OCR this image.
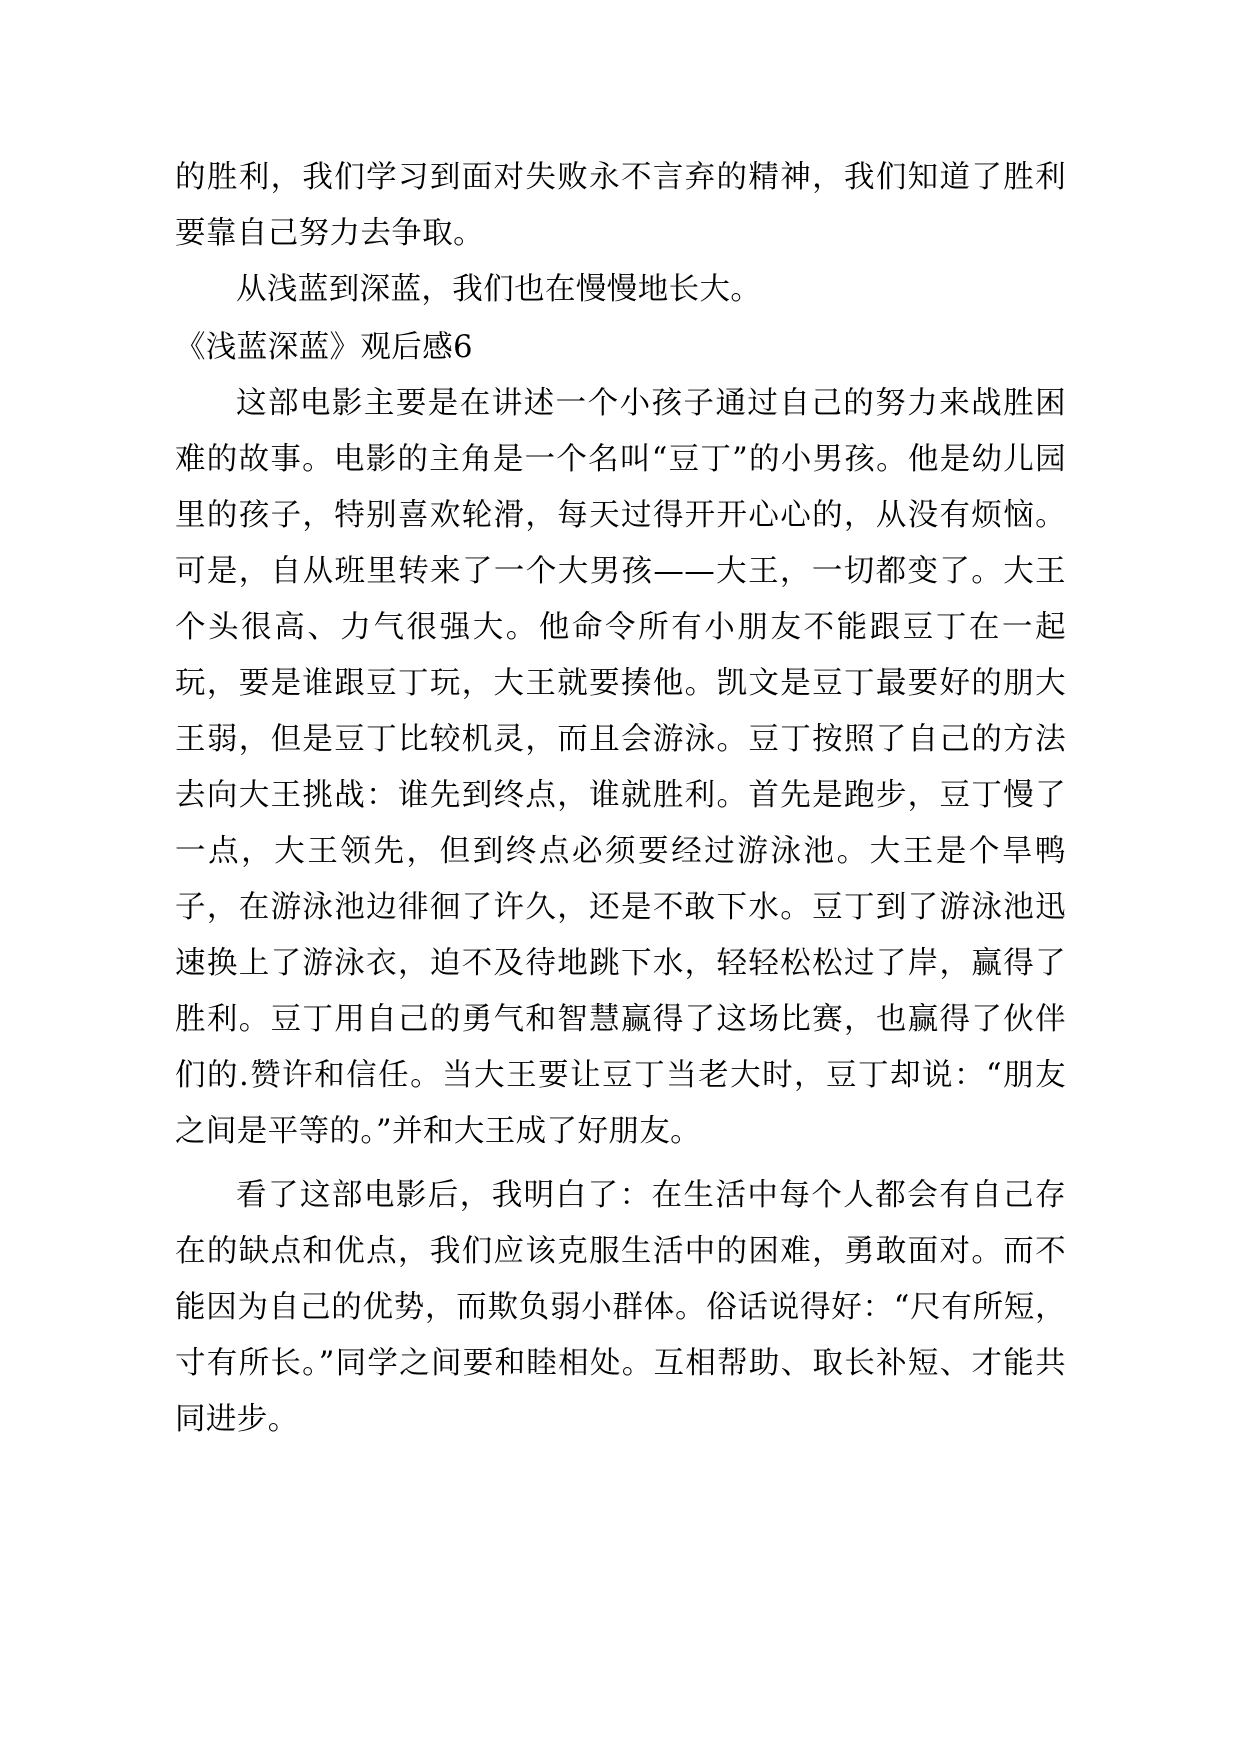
的胜利，我们学习到面对失败永不言弃的精神，我们知道了胜利要靠自己努力去争取。

从浅蓝到深蓝，我们也在慢慢地长大。

《浅蓝深蓝》观后感6

这部电影主要是在讲述一个小孩子通过自己的努力来战胜困难的故事。电影的主角是一个名叫“豆丁”的小男孩。他是幼儿园里的孩子，特别喜欢轮滑，每天过得开开心心的，从没有烦恼。可是，自从班里转来了一个大男孩——大王，一切都变了。大王个头很高、力气很强大。他命令所有小朋友不能跟豆丁在一起玩，要是谁跟豆丁玩，大王就要揍他。凯文是豆丁最要好的朋大王弱，但是豆丁比较机灵，而且会游泳。豆丁按照了自己的方法去向大王挑战：谁先到终点，谁就胜利。首先是跑步，豆丁慢了一点，大王领先，但到终点必须要经过游泳池。大王是个旱鸭子，在游泳池边徘徊了许久，还是不敢下水。豆丁到了游泳池迅速换上了游泳衣，迫不及待地跳下水，轻轻松松过了岸，赢得了胜利。豆丁用自己的勇气和智慧赢得了这场比赛，也赢得了伙伴们的.赞许和信任。当大王要让豆丁当老大时，豆丁却说：“朋友之间是平等的。”并和大王成了好朋友。

看了这部电影后，我明白了：在生活中每个人都会有自己存在的缺点和优点，我们应该克服生活中的困难，勇敢面对。而不能因为自己的优势，而欺负弱小群体。俗话说得好：“尺有所短，寸有所长。”同学之间要和睦相处。互相帮助、取长补短、才能共同进步。
